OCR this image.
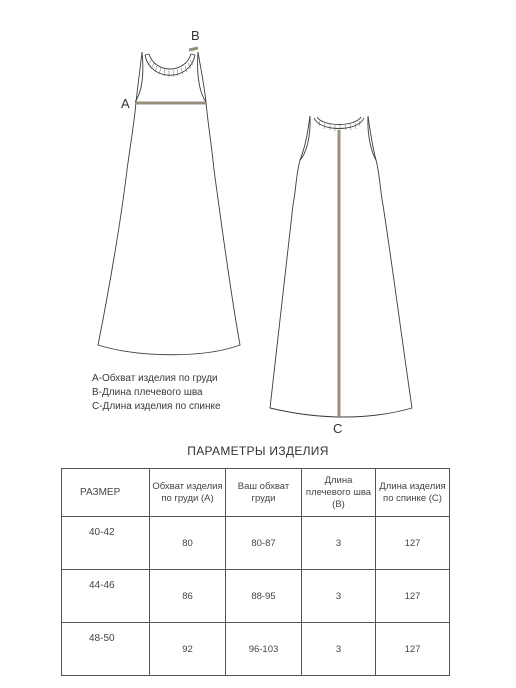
A
B
C
A-Обхват изделия по груди
B-Длина плечевого шва
C-Длина изделия по спинке
ПАРАМЕТРЫ ИЗДЕЛИЯ
РАЗМЕР	Обхват изделия по груди (A)	Ваш обхват груди	Длина плечевого шва (B)	Длина изделия по спинке (C)
40-42	80	80-87	3	127
44-46	86	88-95	3	127
48-50	92	96-103	3	127
